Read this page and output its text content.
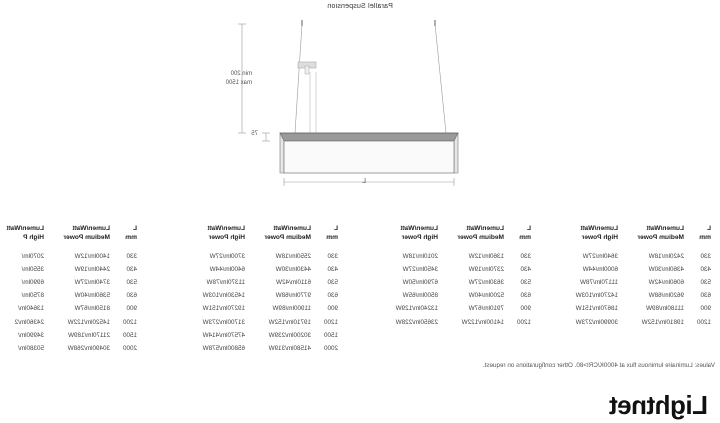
Parallel Suspension
min 200
max 1500
75
L
L
mm
Lumen/Watt
Medium Power
Lumen/Watt
High Power
330
2420lm/18W
3640lm/27W
430
4360lm/30W
6000lm/44W
530
6060lm/42W
11170lm/78W
630
9620lm/68W
14270lm/103W
900
11180lm/89W
18670lm/151W
1200
19810lm/152W
30990lm/273W
L
mm
Lumen/Watt
Medium Power
Lumen/Watt
High Power
330
1360lm/12W
2010lm/18W
430
2370lm/19W
3450lm/27W
530
3630lm/27W
6790lm/50W
630
5200lm/40W
8500lm/65W
900
7910lm/67W
13240lm/129W
1200
14100lm/122W
23650lm/228W
L
mm
Lumen/Watt
Medium Power
Lumen/Watt
High Power
330
2550lm/18W
3700lm/27W
430
4430lm/30W
6400lm/44W
530
6110lm/42W
11370lm/78W
630
9770lm/68W
14530lm/103W
900
11900lm/89W
19270lm/151W
1200
19710lm/152W
31700lm/273W
1500
30200lm/239W
47570lm/414W
2000
41580lm/319W
65800lm/578W
L
mm
Lumen/Watt
Medium Power
Lumen/Watt
High P
330
1400lm/12W
2070lm/
430
2440lm/19W
3550lm/
530
3740lm/27W
6990lm/
630
5360lm/40W
8750lm/
900
8150lm/67W
13640lm/
1200
14520lm/122W
24360lm/2
1500
21170lm/189W
34990lm/
2000
30490lm/268W
50380lm/
Values: Luminaire luminous flux at 4000K/CRI>80. Other configurations on request.
Lightnet
